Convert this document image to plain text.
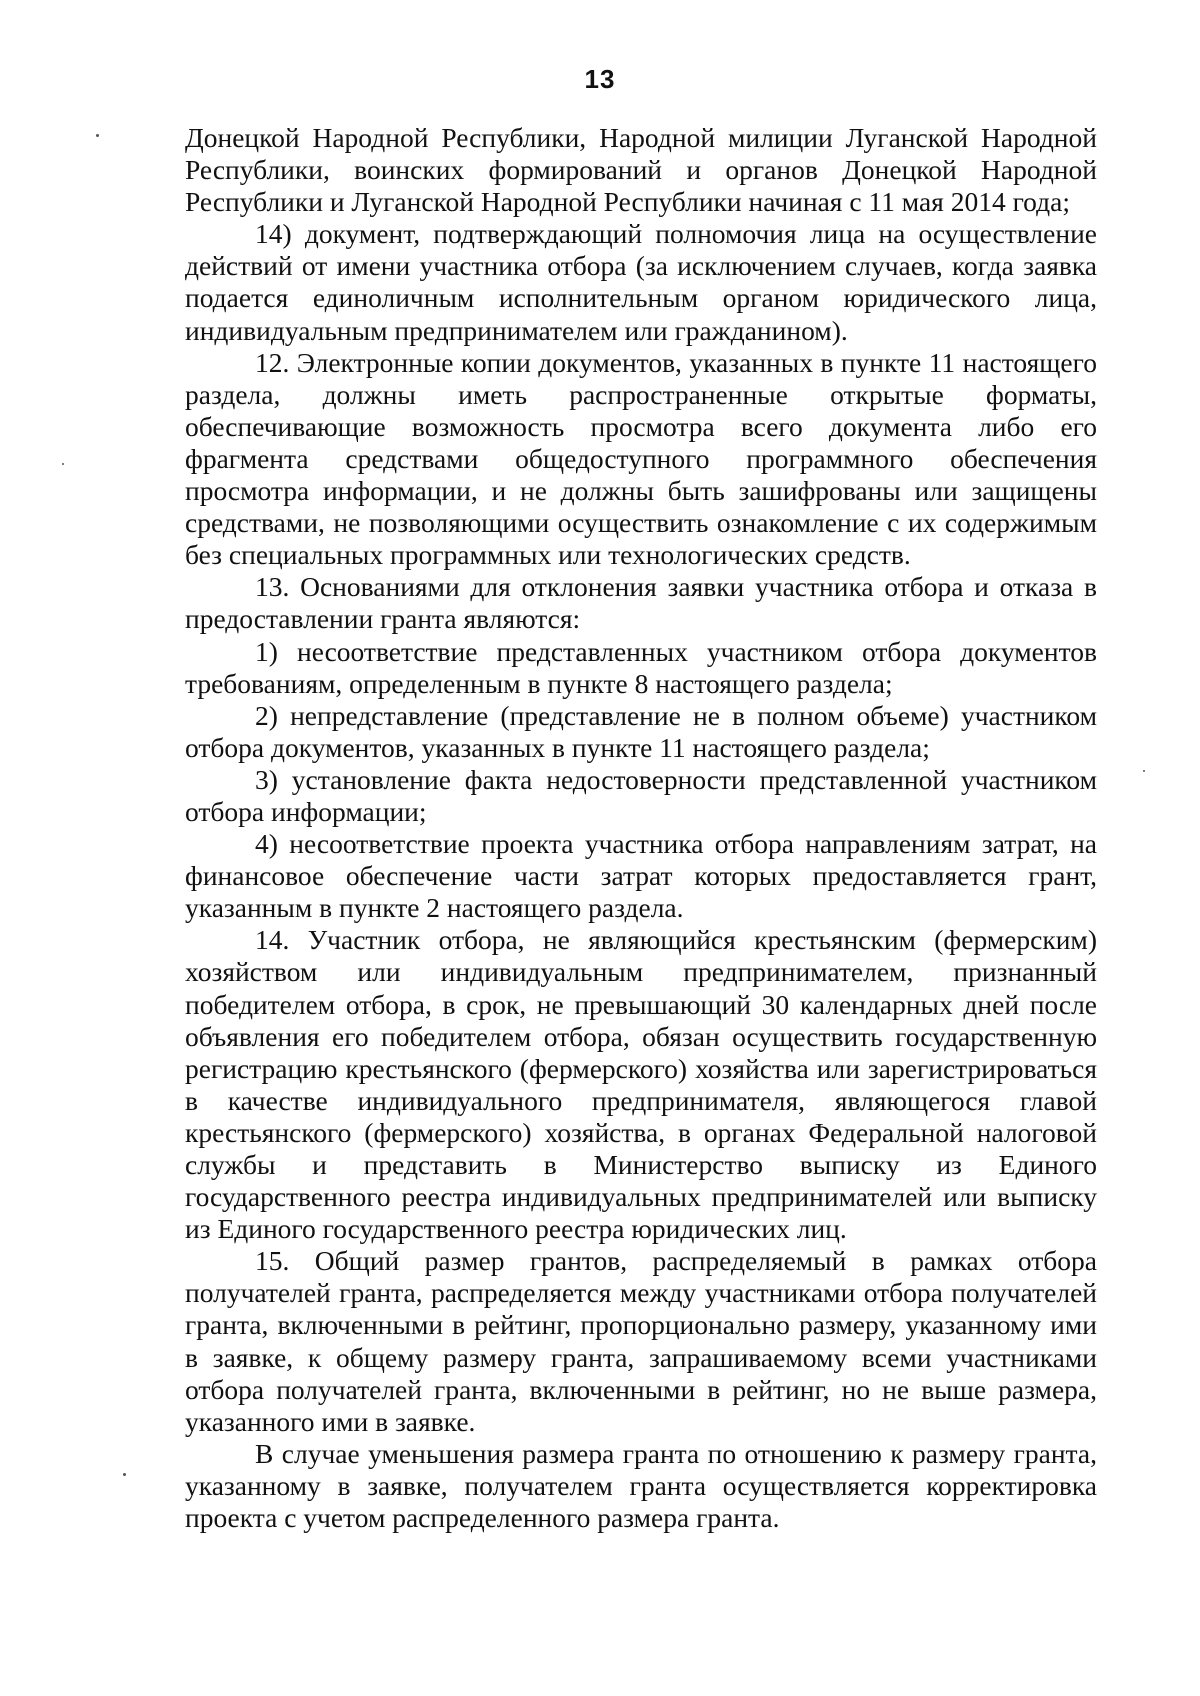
13

Донецкой Народной Республики, Народной милиции Луганской Народной Республики, воинских формирований и органов Донецкой Народной Республики и Луганской Народной Республики начиная с 11 мая 2014 года;

14) документ, подтверждающий полномочия лица на осуществление действий от имени участника отбора (за исключением случаев, когда заявка подается единоличным исполнительным органом юридического лица, индивидуальным предпринимателем или гражданином).

12. Электронные копии документов, указанных в пункте 11 настоящего раздела, должны иметь распространенные открытые форматы, обеспечивающие возможность просмотра всего документа либо его фрагмента средствами общедоступного программного обеспечения просмотра информации, и не должны быть зашифрованы или защищены средствами, не позволяющими осуществить ознакомление с их содержимым без специальных программных или технологических средств.

13. Основаниями для отклонения заявки участника отбора и отказа в предоставлении гранта являются:

1) несоответствие представленных участником отбора документов требованиям, определенным в пункте 8 настоящего раздела;

2) непредставление (представление не в полном объеме) участником отбора документов, указанных в пункте 11 настоящего раздела;

3) установление факта недостоверности представленной участником отбора информации;

4) несоответствие проекта участника отбора направлениям затрат, на финансовое обеспечение части затрат которых предоставляется грант, указанным в пункте 2 настоящего раздела.

14. Участник отбора, не являющийся крестьянским (фермерским) хозяйством или индивидуальным предпринимателем, признанный победителем отбора, в срок, не превышающий 30 календарных дней после объявления его победителем отбора, обязан осуществить государственную регистрацию крестьянского (фермерского) хозяйства или зарегистрироваться в качестве индивидуального предпринимателя, являющегося главой крестьянского (фермерского) хозяйства, в органах Федеральной налоговой службы и представить в Министерство выписку из Единого государственного реестра индивидуальных предпринимателей или выписку из Единого государственного реестра юридических лиц.

15. Общий размер грантов, распределяемый в рамках отбора получателей гранта, распределяется между участниками отбора получателей гранта, включенными в рейтинг, пропорционально размеру, указанному ими в заявке, к общему размеру гранта, запрашиваемому всеми участниками отбора получателей гранта, включенными в рейтинг, но не выше размера, указанного ими в заявке.

В случае уменьшения размера гранта по отношению к размеру гранта, указанному в заявке, получателем гранта осуществляется корректировка проекта с учетом распределенного размера гранта.
